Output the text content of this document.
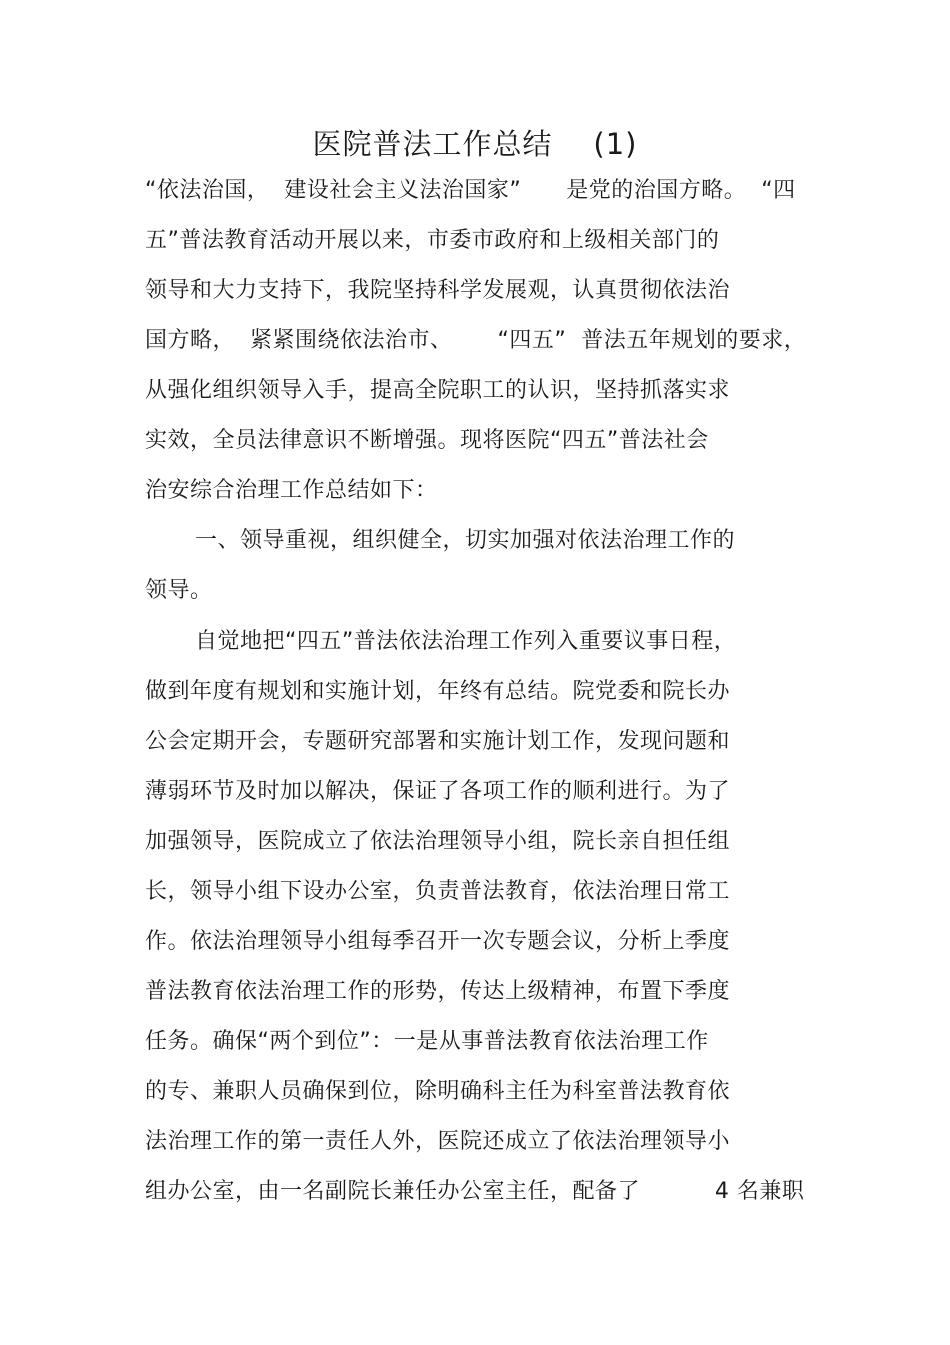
医院普法工作总结    (1)
“依法治国，  建设社会主义法治国家”      是党的治国方略。  “四
五”普法教育活动开展以来，市委市政府和上级相关部门的
领导和大力支持下，我院坚持科学发展观，认真贯彻依法治
国方略，  紧紧围绕依法治市、      “四五”  普法五年规划的要求，
从强化组织领导入手，提高全院职工的认识，坚持抓落实求
实效，全员法律意识不断增强。现将医院“四五”普法社会
治安综合治理工作总结如下：
一、领导重视，组织健全，切实加强对依法治理工作的
领导。
自觉地把“四五”普法依法治理工作列入重要议事日程，
做到年度有规划和实施计划，年终有总结。院党委和院长办
公会定期开会，专题研究部署和实施计划工作，发现问题和
薄弱环节及时加以解决，保证了各项工作的顺利进行。为了
加强领导，医院成立了依法治理领导小组，院长亲自担任组
长，领导小组下设办公室，负责普法教育，依法治理日常工
作。依法治理领导小组每季召开一次专题会议，分析上季度
普法教育依法治理工作的形势，传达上级精神，布置下季度
任务。确保“两个到位”：一是从事普法教育依法治理工作
的专、兼职人员确保到位，除明确科主任为科室普法教育依
法治理工作的第一责任人外，医院还成立了依法治理领导小
组办公室，由一名副院长兼任办公室主任，配备了          4 名兼职
